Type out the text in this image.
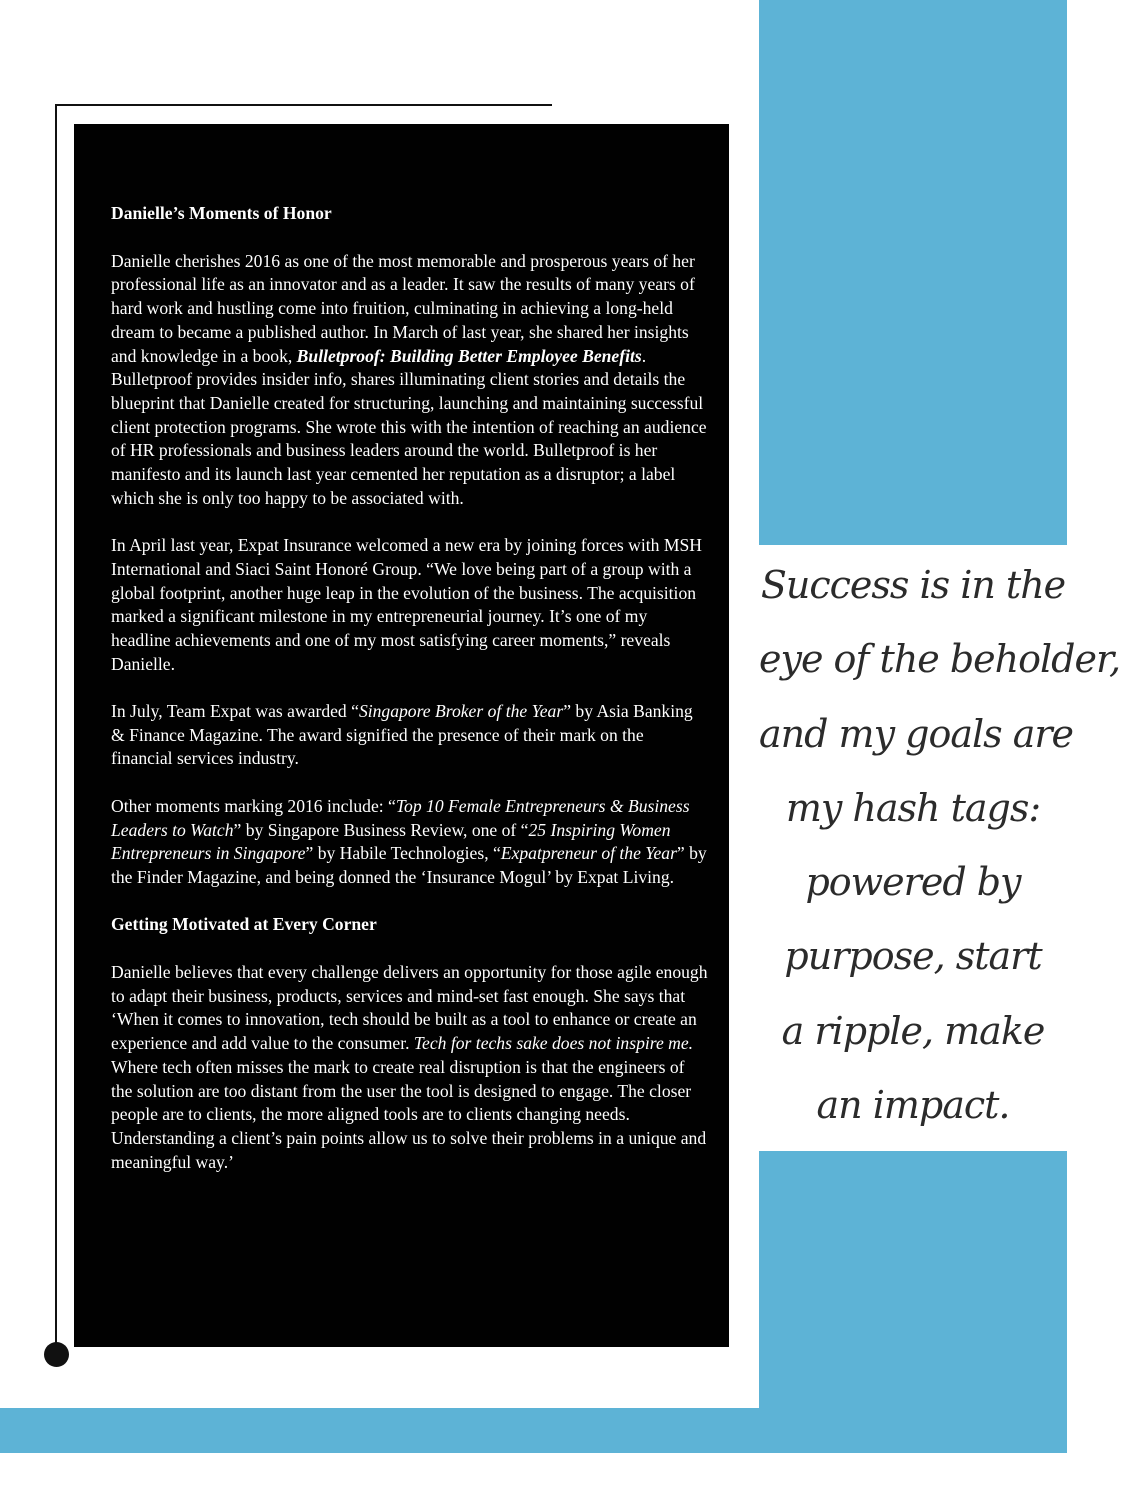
Danielle’s Moments of Honor

Danielle cherishes 2016 as one of the most memorable and prosperous years of her professional life as an innovator and as a leader. It saw the results of many years of hard work and hustling come into fruition, culminating in achieving a long-held dream to became a published author. In March of last year, she shared her insights and knowledge in a book, Bulletproof: Building Better Employee Benefits. Bulletproof provides insider info, shares illuminating client stories and details the blueprint that Danielle created for structuring, launching and maintaining successful client protection programs. She wrote this with the intention of reaching an audience of HR professionals and business leaders around the world. Bulletproof is her manifesto and its launch last year cemented her reputation as a disruptor; a label which she is only too happy to be associated with.

In April last year, Expat Insurance welcomed a new era by joining forces with MSH International and Siaci Saint Honoré Group. “We love being part of a group with a global footprint, another huge leap in the evolution of the business. The acquisition marked a significant milestone in my entrepreneurial journey. It’s one of my headline achievements and one of my most satisfying career moments,” reveals Danielle.

In July, Team Expat was awarded “Singapore Broker of the Year” by Asia Banking & Finance Magazine. The award signified the presence of their mark on the financial services industry.

Other moments marking 2016 include: “Top 10 Female Entrepreneurs & Business Leaders to Watch” by Singapore Business Review, one of “25 Inspiring Women Entrepreneurs in Singapore” by Habile Technologies, “Expatpreneur of the Year” by the Finder Magazine, and being donned the ‘Insurance Mogul’ by Expat Living.

Getting Motivated at Every Corner

Danielle believes that every challenge delivers an opportunity for those agile enough to adapt their business, products, services and mind-set fast enough. She says that ‘When it comes to innovation, tech should be built as a tool to enhance or create an experience and add value to the consumer. Tech for techs sake does not inspire me. Where tech often misses the mark to create real disruption is that the engineers of the solution are too distant from the user the tool is designed to engage. The closer people are to clients, the more aligned tools are to clients changing needs. Understanding a client’s pain points allow us to solve their problems in a unique and meaningful way.’

Success is in the
eye of the beholder,
and my goals are
my hash tags:
powered by
purpose, start
a ripple, make
an impact.
